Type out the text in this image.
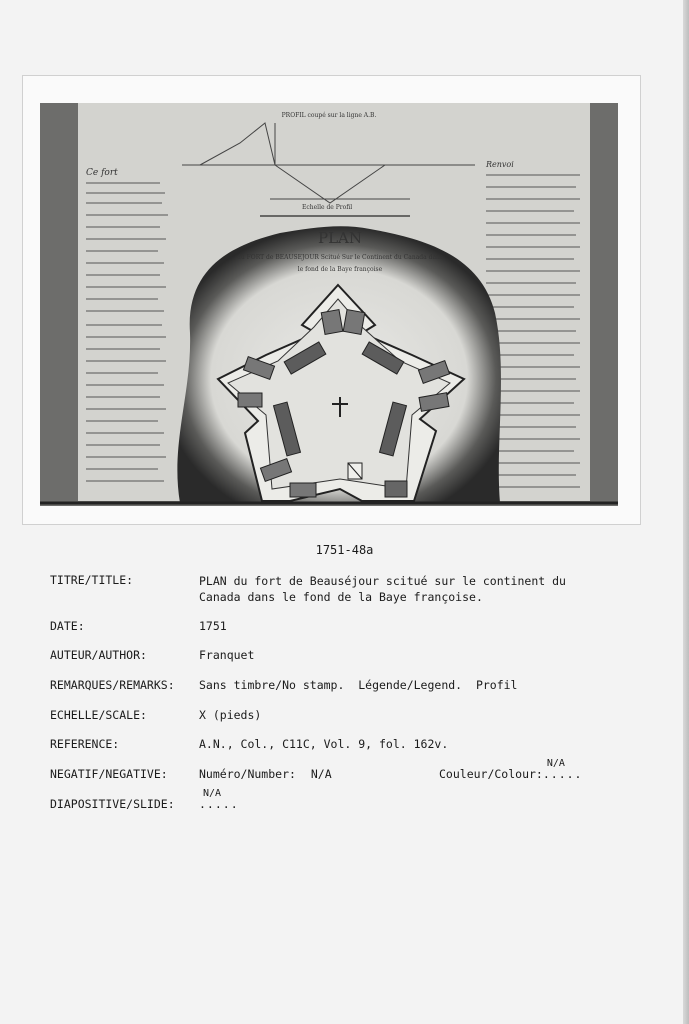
Ce fort
Renvoi
PROFIL coupé sur la ligne A.B.
Echelle de Profil
PLAN
du FORT de BEAUSEJOUR Scitué Sur le Continent du Canada dans
le fond de la Baye françoise
1751-48a
TITRE/TITLE:	PLAN du fort de Beauséjour scitué sur le continent du Canada dans le fond de la Baye françoise.
DATE:	1751
AUTEUR/AUTHOR:	Franquet
REMARQUES/REMARKS: Sans timbre/No stamp.  Légende/Legend.  Profil
ECHELLE/SCALE:	X (pieds)
REFERENCE:	A.N., Col., C11C, Vol. 9, fol. 162v.
NEGATIF/NEGATIVE:	Numéro/Number: N/A	Couleur/Colour:
N/A
.....
DIAPOSITIVE/SLIDE:
N/A
.....
